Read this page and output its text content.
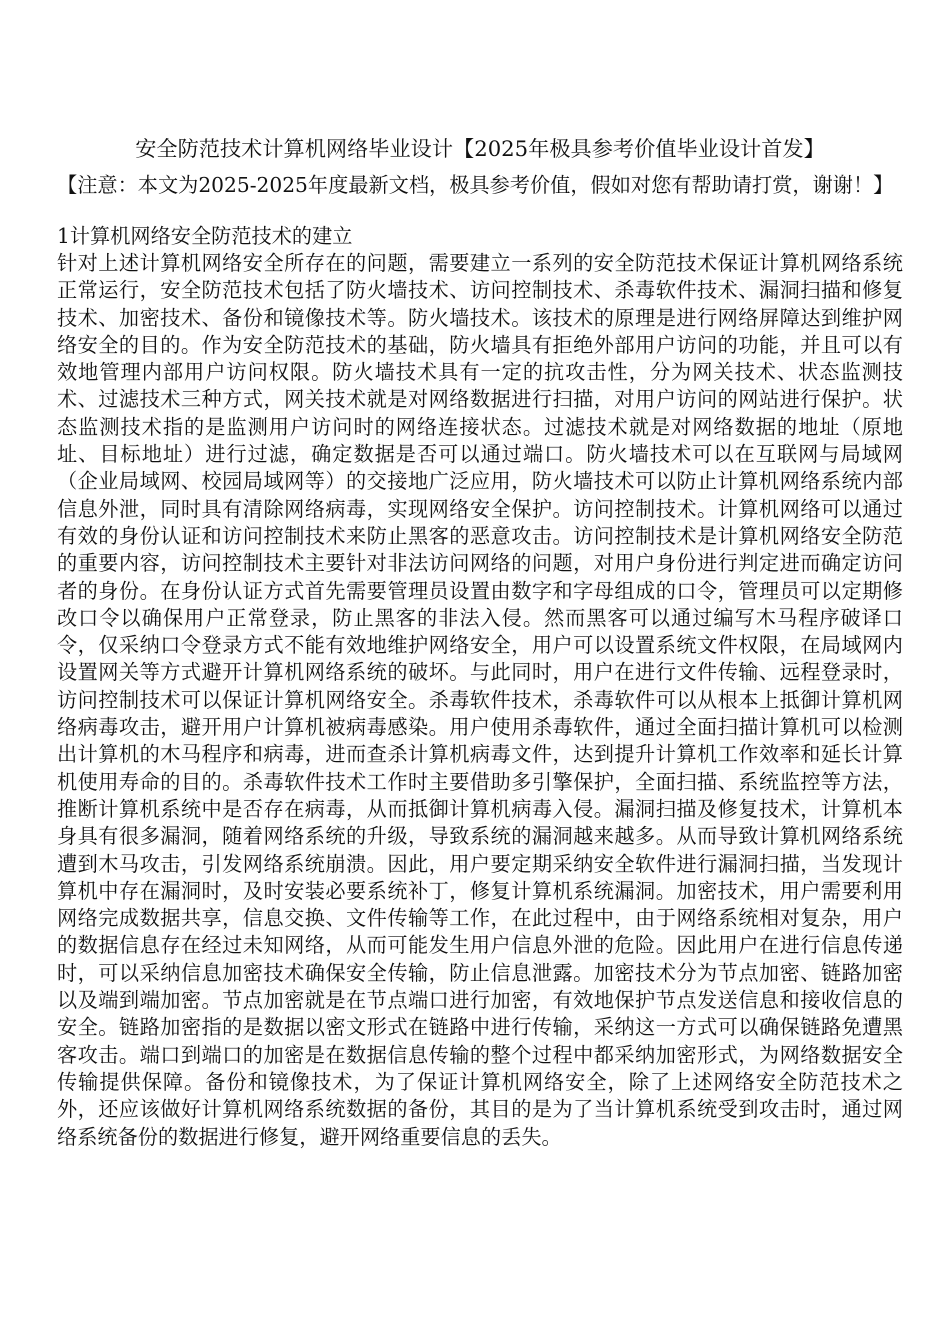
安全防范技术计算机网络毕业设计【2025年极具参考价值毕业设计首发】

【注意：本文为2025-2025年度最新文档，极具参考价值，假如对您有帮助请打赏，谢谢！】

1计算机网络安全防范技术的建立

针对上述计算机网络安全所存在的问题，需要建立一系列的安全防范技术保证计算机网络系统正常运行，安全防范技术包括了防火墙技术、访问控制技术、杀毒软件技术、漏洞扫描和修复技术、加密技术、备份和镜像技术等。防火墙技术。该技术的原理是进行网络屏障达到维护网络安全的目的。作为安全防范技术的基础，防火墙具有拒绝外部用户访问的功能，并且可以有效地管理内部用户访问权限。防火墙技术具有一定的抗攻击性，分为网关技术、状态监测技术、过滤技术三种方式，网关技术就是对网络数据进行扫描，对用户访问的网站进行保护。状态监测技术指的是监测用户访问时的网络连接状态。过滤技术就是对网络数据的地址（原地址、目标地址）进行过滤，确定数据是否可以通过端口。防火墙技术可以在互联网与局域网（企业局域网、校园局域网等）的交接地广泛应用，防火墙技术可以防止计算机网络系统内部信息外泄，同时具有清除网络病毒，实现网络安全保护。访问控制技术。计算机网络可以通过有效的身份认证和访问控制技术来防止黑客的恶意攻击。访问控制技术是计算机网络安全防范的重要内容，访问控制技术主要针对非法访问网络的问题，对用户身份进行判定进而确定访问者的身份。在身份认证方式首先需要管理员设置由数字和字母组成的口令，管理员可以定期修改口令以确保用户正常登录，防止黑客的非法入侵。然而黑客可以通过编写木马程序破译口令，仅采纳口令登录方式不能有效地维护网络安全，用户可以设置系统文件权限，在局域网内设置网关等方式避开计算机网络系统的破坏。与此同时，用户在进行文件传输、远程登录时，访问控制技术可以保证计算机网络安全。杀毒软件技术，杀毒软件可以从根本上抵御计算机网络病毒攻击，避开用户计算机被病毒感染。用户使用杀毒软件，通过全面扫描计算机可以检测出计算机的木马程序和病毒，进而查杀计算机病毒文件，达到提升计算机工作效率和延长计算机使用寿命的目的。杀毒软件技术工作时主要借助多引擎保护，全面扫描、系统监控等方法，推断计算机系统中是否存在病毒，从而抵御计算机病毒入侵。漏洞扫描及修复技术，计算机本身具有很多漏洞，随着网络系统的升级，导致系统的漏洞越来越多。从而导致计算机网络系统遭到木马攻击，引发网络系统崩溃。因此，用户要定期采纳安全软件进行漏洞扫描，当发现计算机中存在漏洞时，及时安装必要系统补丁，修复计算机系统漏洞。加密技术，用户需要利用网络完成数据共享，信息交换、文件传输等工作，在此过程中，由于网络系统相对复杂，用户的数据信息存在经过未知网络，从而可能发生用户信息外泄的危险。因此用户在进行信息传递时，可以采纳信息加密技术确保安全传输，防止信息泄露。加密技术分为节点加密、链路加密以及端到端加密。节点加密就是在节点端口进行加密，有效地保护节点发送信息和接收信息的安全。链路加密指的是数据以密文形式在链路中进行传输，采纳这一方式可以确保链路免遭黑客攻击。端口到端口的加密是在数据信息传输的整个过程中都采纳加密形式，为网络数据安全传输提供保障。备份和镜像技术，为了保证计算机网络安全，除了上述网络安全防范技术之外，还应该做好计算机网络系统数据的备份，其目的是为了当计算机系统受到攻击时，通过网络系统备份的数据进行修复，避开网络重要信息的丢失。
